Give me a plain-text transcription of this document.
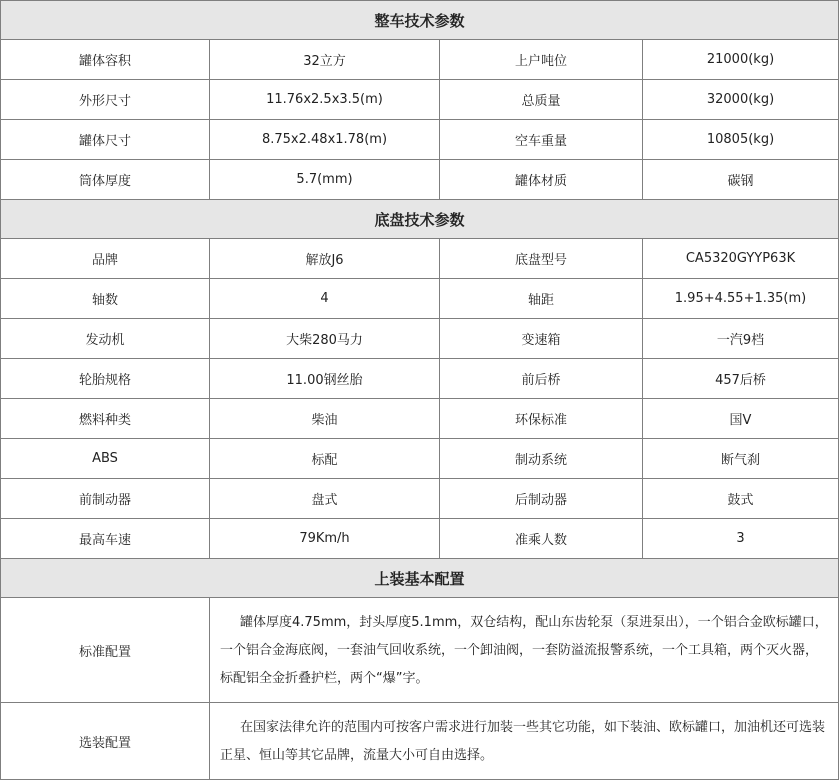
整车技术参数			
罐体容积	32立方	上户吨位	21000(kg)
外形尺寸	11.76x2.5x3.5(m)	总质量	32000(kg)
罐体尺寸	8.75x2.48x1.78(m)	空车重量	10805(kg)
筒体厚度	5.7(mm)	罐体材质	碳钢
底盘技术参数			
品牌	解放J6	底盘型号	CA5320GYYP63K
轴数	4	轴距	1.95+4.55+1.35(m)
发动机	大柴280马力	变速箱	一汽9档
轮胎规格	11.00钢丝胎	前后桥	457后桥
燃料种类	柴油	环保标准	国V
ABS	标配	制动系统	断气刹
前制动器	盘式	后制动器	鼓式
最高车速	79Km/h	准乘人数	3
上装基本配置			
标准配置	罐体厚度4.75mm，封头厚度5.1mm，双仓结构，配山东齿轮泵（泵进泵出），一个铝合金欧标罐口，一个铝合金海底阀，一套油气回收系统，一个卸油阀，一套防溢流报警系统，一个工具箱，两个灭火器，标配铝全金折叠护栏，两个“爆”字。		
选装配置	在国家法律允许的范围内可按客户需求进行加装一些其它功能，如下装油、欧标罐口，加油机还可选装正星、恒山等其它品牌，流量大小可自由选择。		
